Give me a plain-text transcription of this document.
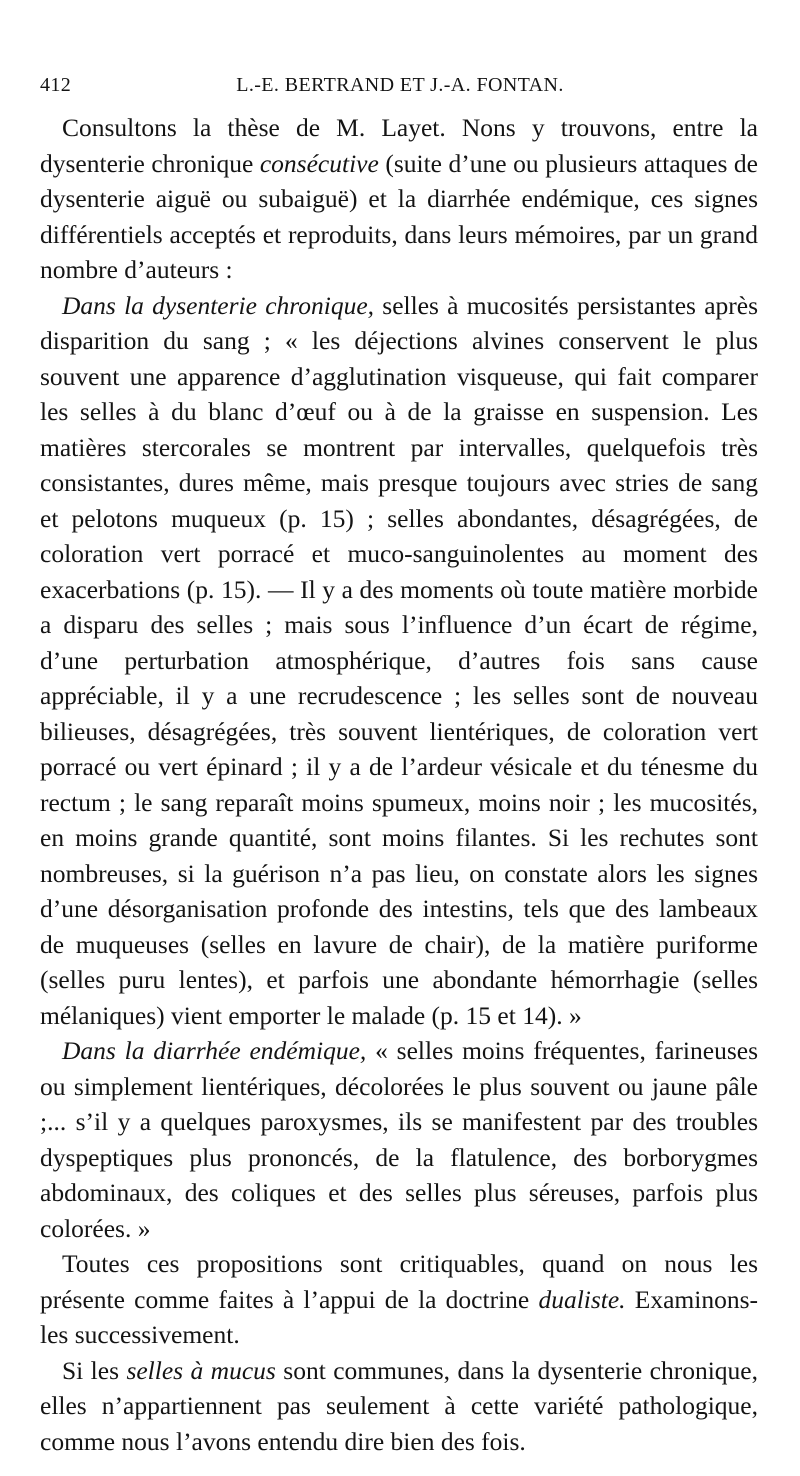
412	L.-E. BERTRAND ET J.-A. FONTAN.

Consultons la thèse de M. Layet. Nons y trouvons, entre la dysenterie chronique consécutive (suite d’une ou plusieurs attaques de dysenterie aiguë ou subaiguë) et la diarrhée endémique, ces signes différentiels acceptés et reproduits, dans leurs mémoires, par un grand nombre d’auteurs :

Dans la dysenterie chronique, selles à mucosités persistantes après disparition du sang ; « les déjections alvines conservent le plus souvent une apparence d’agglutination visqueuse, qui fait comparer les selles à du blanc d’œuf ou à de la graisse en suspension. Les matières stercorales se montrent par intervalles, quelquefois très consistantes, dures même, mais presque toujours avec stries de sang et pelotons muqueux (p. 15) ; selles abondantes, désagrégées, de coloration vert porracé et muco-sanguinolentes au moment des exacerbations (p. 15). — Il y a des moments où toute matière morbide a disparu des selles ; mais sous l’influence d’un écart de régime, d’une perturbation atmosphérique, d’autres fois sans cause appréciable, il y a une recrudescence ; les selles sont de nouveau bilieuses, désagrégées, très souvent lientériques, de coloration vert porracé ou vert épinard ; il y a de l’ardeur vésicale et du ténesme du rectum ; le sang reparaît moins spumeux, moins noir ; les mucosités, en moins grande quantité, sont moins filantes. Si les rechutes sont nombreuses, si la guérison n’a pas lieu, on constate alors les signes d’une désorganisation profonde des intestins, tels que des lambeaux de muqueuses (selles en lavure de chair), de la matière puriforme (selles puru lentes), et parfois une abondante hémorrhagie (selles mélaniques) vient emporter le malade (p. 15 et 14). »

Dans la diarrhée endémique, « selles moins fréquentes, farineuses ou simplement lientériques, décolorées le plus souvent ou jaune pâle ;... s’il y a quelques paroxysmes, ils se manifestent par des troubles dyspeptiques plus prononcés, de la flatulence, des borborygmes abdominaux, des coliques et des selles plus séreuses, parfois plus colorées. »

Toutes ces propositions sont critiquables, quand on nous les présente comme faites à l’appui de la doctrine dualiste. Examinons-les successivement.

Si les selles à mucus sont communes, dans la dysenterie chronique, elles n’appartiennent pas seulement à cette variété pathologique, comme nous l’avons entendu dire bien des fois.
